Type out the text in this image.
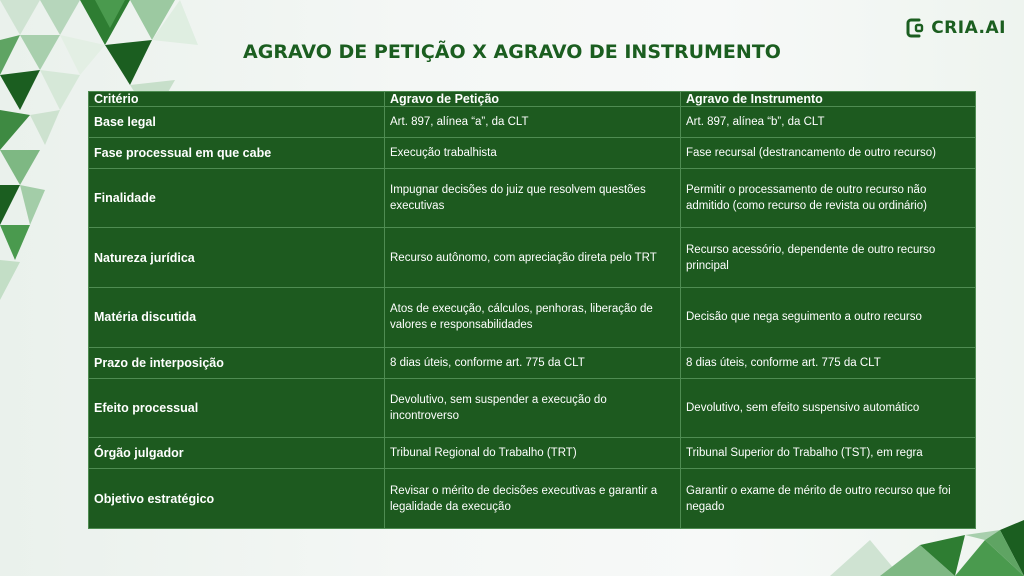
CRIA.AI
AGRAVO DE PETIÇÃO X AGRAVO DE INSTRUMENTO
Critério	Agravo de Petição	Agravo de Instrumento
Base legal	Art. 897, alínea “a”, da CLT	Art. 897, alínea “b”, da CLT
Fase processual em que cabe	Execução trabalhista	Fase recursal (destrancamento de outro recurso)
Finalidade	Impugnar decisões do juiz que resolvem questões executivas	Permitir o processamento de outro recurso não admitido (como recurso de revista ou ordinário)
Natureza jurídica	Recurso autônomo, com apreciação direta pelo TRT	Recurso acessório, dependente de outro recurso principal
Matéria discutida	Atos de execução, cálculos, penhoras, liberação de valores e responsabilidades	Decisão que nega seguimento a outro recurso
Prazo de interposição	8 dias úteis, conforme art. 775 da CLT	8 dias úteis, conforme art. 775 da CLT
Efeito processual	Devolutivo, sem suspender a execução do incontroverso	Devolutivo, sem efeito suspensivo automático
Órgão julgador	Tribunal Regional do Trabalho (TRT)	Tribunal Superior do Trabalho (TST), em regra
Objetivo estratégico	Revisar o mérito de decisões executivas e garantir a legalidade da execução	Garantir o exame de mérito de outro recurso que foi negado
